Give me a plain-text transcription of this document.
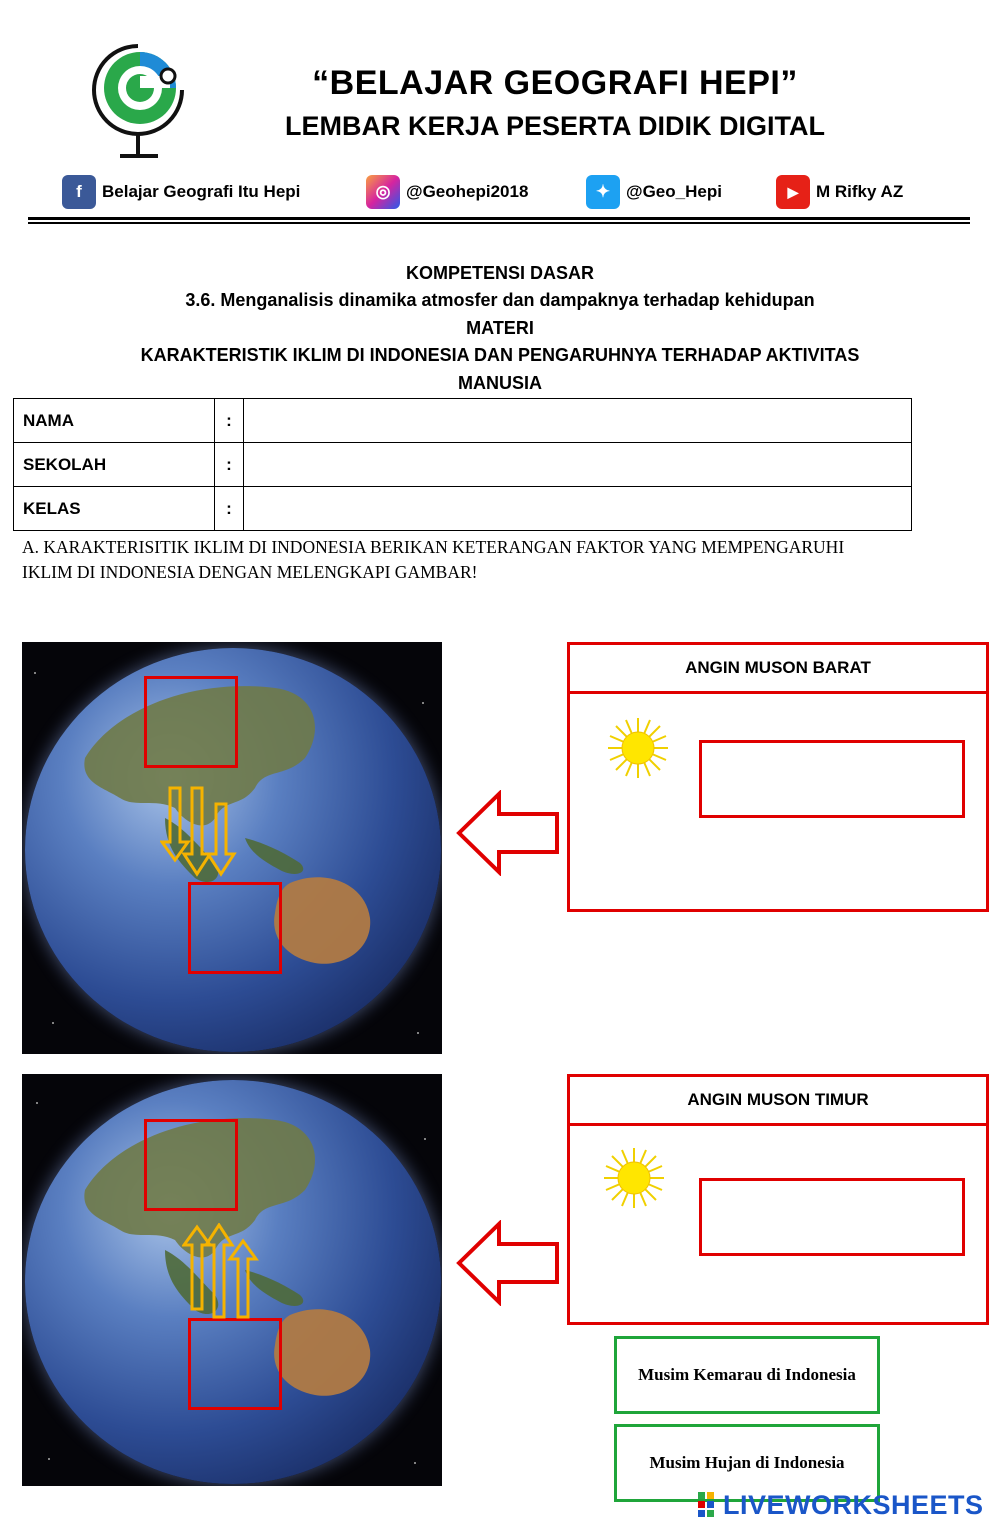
“BELAJAR GEOGRAFI HEPI”
LEMBAR KERJA PESERTA DIDIK DIGITAL
f	Belajar Geografi Itu Hepi	◎ @Geohepi2018	✦ @Geo_Hepi	▶	M Rifky AZ
KOMPETENSI DASAR
3.6. Menganalisis dinamika atmosfer dan dampaknya terhadap kehidupan
MATERI
KARAKTERISTIK IKLIM DI INDONESIA DAN PENGARUHNYA TERHADAP AKTIVITAS
MANUSIA
NAMA	:	
SEKOLAH	:	
KELAS	:	
A. KARAKTERISITIK IKLIM DI INDONESIA BERIKAN KETERANGAN FAKTOR YANG MEMPENGARUHI
IKLIM DI INDONESIA DENGAN MELENGKAPI GAMBAR!
ANGIN MUSON BARAT
ANGIN MUSON TIMUR
Musim Kemarau di Indonesia
Musim Hujan di Indonesia
LIVEWORKSHEETS
